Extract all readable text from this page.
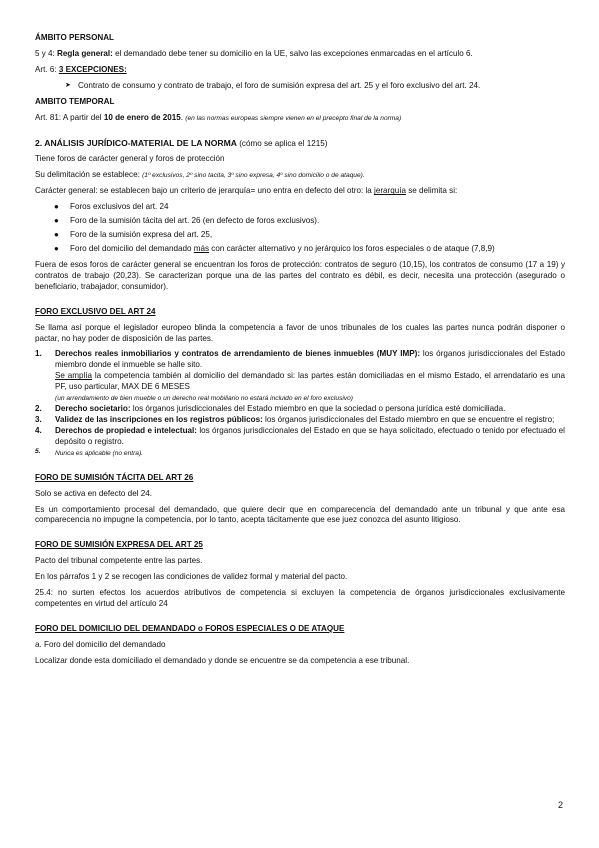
ÁMBITO PERSONAL

5 y 4: Regla general: el demandado debe tener su domicilio en la UE, salvo las excepciones enmarcadas en el artículo 6.

Art. 6: 3 EXCEPCIONES:

➤ Contrato de consumo y contrato de trabajo, el foro de sumisión expresa del art. 25 y el foro exclusivo del art. 24.

AMBITO TEMPORAL

Art. 81: A partir del 10 de enero de 2015. (en las normas europeas siempre vienen en el precepto final de la norma)

2. ANÁLISIS JURÍDICO-MATERIAL DE LA NORMA (cómo se aplica el 1215)

Tiene foros de carácter general y foros de protección

Su delimitación se establece: (1º exclusivos, 2º sino tacita, 3º sino expresa, 4º sino domicilio o de ataque).

Carácter general: se establecen bajo un criterio de jerarquía= uno entra en defecto del otro: la jerarquía se delimita si:

●	Foros exclusivos del art. 24
●	Foro de la sumisión tácita del art. 26 (en defecto de foros exclusivos).
●	Foro de la sumisión expresa del art. 25,
●	Foro del domicilio del demandado más con carácter alternativo y no jerárquico los foros especiales o de ataque (7,8,9)

Fuera de esos foros de carácter general se encuentran los foros de protección: contratos de seguro (10,15), los contratos de consumo (17 a 19) y contratos de trabajo (20,23). Se caracterizan porque una de las partes del contrato es débil, es decir, necesita una protección (asegurado o beneficiario, trabajador, consumidor).

FORO EXCLUSIVO DEL ART 24

Se llama así porque el legislador europeo blinda la competencia a favor de unos tribunales de los cuales las partes nunca podrán disponer o pactar, no hay poder de disposición de las partes.

1.	Derechos reales inmobiliarios y contratos de arrendamiento de bienes inmuebles (MUY IMP): los órganos jurisdiccionales del Estado miembro donde el inmueble se halle sito.
Se amplía la competencia también al domicilio del demandado si: las partes están domiciliadas en el mismo Estado, el arrendatario es una PF, uso particular, MAX DE 6 MESES
(un arrendamiento de bien mueble o un derecho real mobiliario no estará incluido en el foro exclusivo)
2.	Derecho societario: los órganos jurisdiccionales del Estado miembro en que la sociedad o persona jurídica esté domiciliada.
3.	Validez de las inscripciones en los registros públicos: los órganos jurisdiccionales del Estado miembro en que se encuentre el registro;
4.	Derechos de propiedad e intelectual: los órganos jurisdiccionales del Estado en que se haya solicitado, efectuado o tenido por efectuado el depósito o registro.
5.	Nunca es aplicable (no entra).

FORO DE SUMISIÓN TÁCITA DEL ART 26

Solo se activa en defecto del 24.

Es un comportamiento procesal del demandado, que quiere decir que en comparecencia del demandado ante un tribunal y que ante esa comparecencia no impugne la competencia, por lo tanto, acepta tácitamente que ese juez conozca del asunto litigioso.

FORO DE SUMISIÓN EXPRESA DEL ART 25

Pacto del tribunal competente entre las partes.

En los párrafos 1 y 2 se recogen las condiciones de validez formal y material del pacto.

25.4: no surten efectos los acuerdos atributivos de competencia si excluyen la competencia de órganos jurisdiccionales exclusivamente competentes en virtud del artículo 24

FORO DEL DOMICILIO DEL DEMANDADO o FOROS ESPECIALES O DE ATAQUE

a. Foro del domicilio del demandado

Localizar donde esta domiciliado el demandado y donde se encuentre se da competencia a ese tribunal.

2
